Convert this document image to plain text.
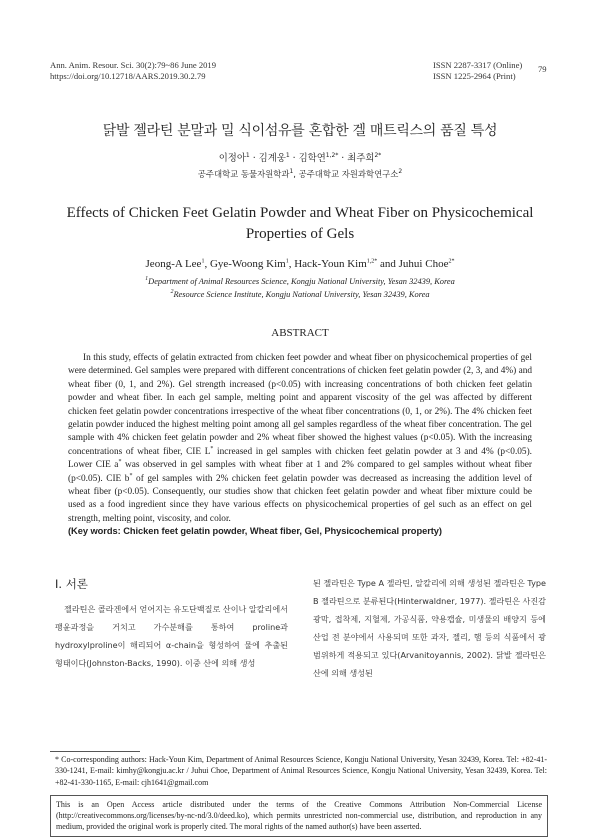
Ann. Anim. Resour. Sci. 30(2):79~86 June 2019
https://doi.org/10.12718/AARS.2019.30.2.79
ISSN 2287-3317 (Online)
ISSN 1225-2964 (Print)
79
닭발 젤라틴 분말과 밀 식이섬유를 혼합한 겔 매트릭스의 품질 특성
이정아$^1$ · 김계웅$^1$ · 김학연$^{1,2*}$ · 최주희$^{2*}$
공주대학교 동물자원학과$^1$, 공주대학교 자원과학연구소$^2$
Effects of Chicken Feet Gelatin Powder and Wheat Fiber on Physicochemical Properties of Gels
Jeong-A Lee$^1$, Gye-Woong Kim$^1$, Hack-Youn Kim$^{1,2*}$ and Juhui Choe$^{2*}$
$^1$Department of Animal Resources Science, Kongju National University, Yesan 32439, Korea
$^2$Resource Science Institute, Kongju National University, Yesan 32439, Korea
ABSTRACT
In this study, effects of gelatin extracted from chicken feet powder and wheat fiber on physicochemical properties of gel were determined. Gel samples were prepared with different concentrations of chicken feet gelatin powder (2, 3, and 4%) and wheat fiber (0, 1, and 2%). Gel strength increased (p<0.05) with increasing concentrations of both chicken feet gelatin powder and wheat fiber. In each gel sample, melting point and apparent viscosity of the gel was affected by different chicken feet gelatin powder concentrations irrespective of the wheat fiber concentrations (0, 1, or 2%). The 4% chicken feet gelatin powder induced the highest melting point among all gel samples regardless of the wheat fiber concentration. The gel sample with 4% chicken feet gelatin powder and 2% wheat fiber showed the highest values (p<0.05). With the increasing concentrations of wheat fiber, CIE L* increased in gel samples with chicken feet gelatin powder at 3 and 4% (p<0.05). Lower CIE a* was observed in gel samples with wheat fiber at 1 and 2% compared to gel samples without wheat fiber (p<0.05). CIE b* of gel samples with 2% chicken feet gelatin powder was decreased as increasing the addition level of wheat fiber (p<0.05). Consequently, our studies show that chicken feet gelatin powder and wheat fiber mixture could be used as a food ingredient since they have various effects on physicochemical properties of gel such as an effect on gel strength, melting point, viscosity, and color.
(Key words: Chicken feet gelatin powder, Wheat fiber, Gel, Physicochemical property)
Ⅰ. 서론
젤라틴은 콜라겐에서 얻어지는 유도단백질로 산이나 알칼리에서 팽윤과정을 거치고 가수분해를 통하여 proline과 hydroxylproline이 해리되어 α-chain을 형성하여 물에 추출된 형태이다(Johnston-Backs, 1990). 이중 산에 의해 생성
된 젤라틴은 Type A 젤라틴, 알칼리에 의해 생성된 젤라틴은 Type B 젤라틴으로 분류된다(Hinterwaldner, 1977). 젤라틴은 사진감광막, 접착제, 지혈제, 가공식품, 약용캡슐, 미생물의 배양지 등에 산업 전 분야에서 사용되며 또한 과자, 젤리, 햄 등의 식품에서 광범위하게 적용되고 있다(Arvanitoyannis, 2002). 닭발 젤라틴은 산에 의해 생성된
* Co-corresponding authors: Hack-Youn Kim, Department of Animal Resources Science, Kongju National University, Yesan 32439, Korea. Tel: +82-41-330-1241, E-mail: kimhy@kongju.ac.kr / Juhui Choe, Department of Animal Resources Science, Kongju National University, Yesan 32439, Korea. Tel: +82-41-330-1165, E-mail: cjh1641@gmail.com
This is an Open Access article distributed under the terms of the Creative Commons Attribution Non-Commercial License (http://creativecommons.org/licenses/by-nc-nd/3.0/deed.ko), which permits unrestricted non-commercial use, distribution, and reproduction in any medium, provided the original work is properly cited. The moral rights of the named author(s) have been asserted.
